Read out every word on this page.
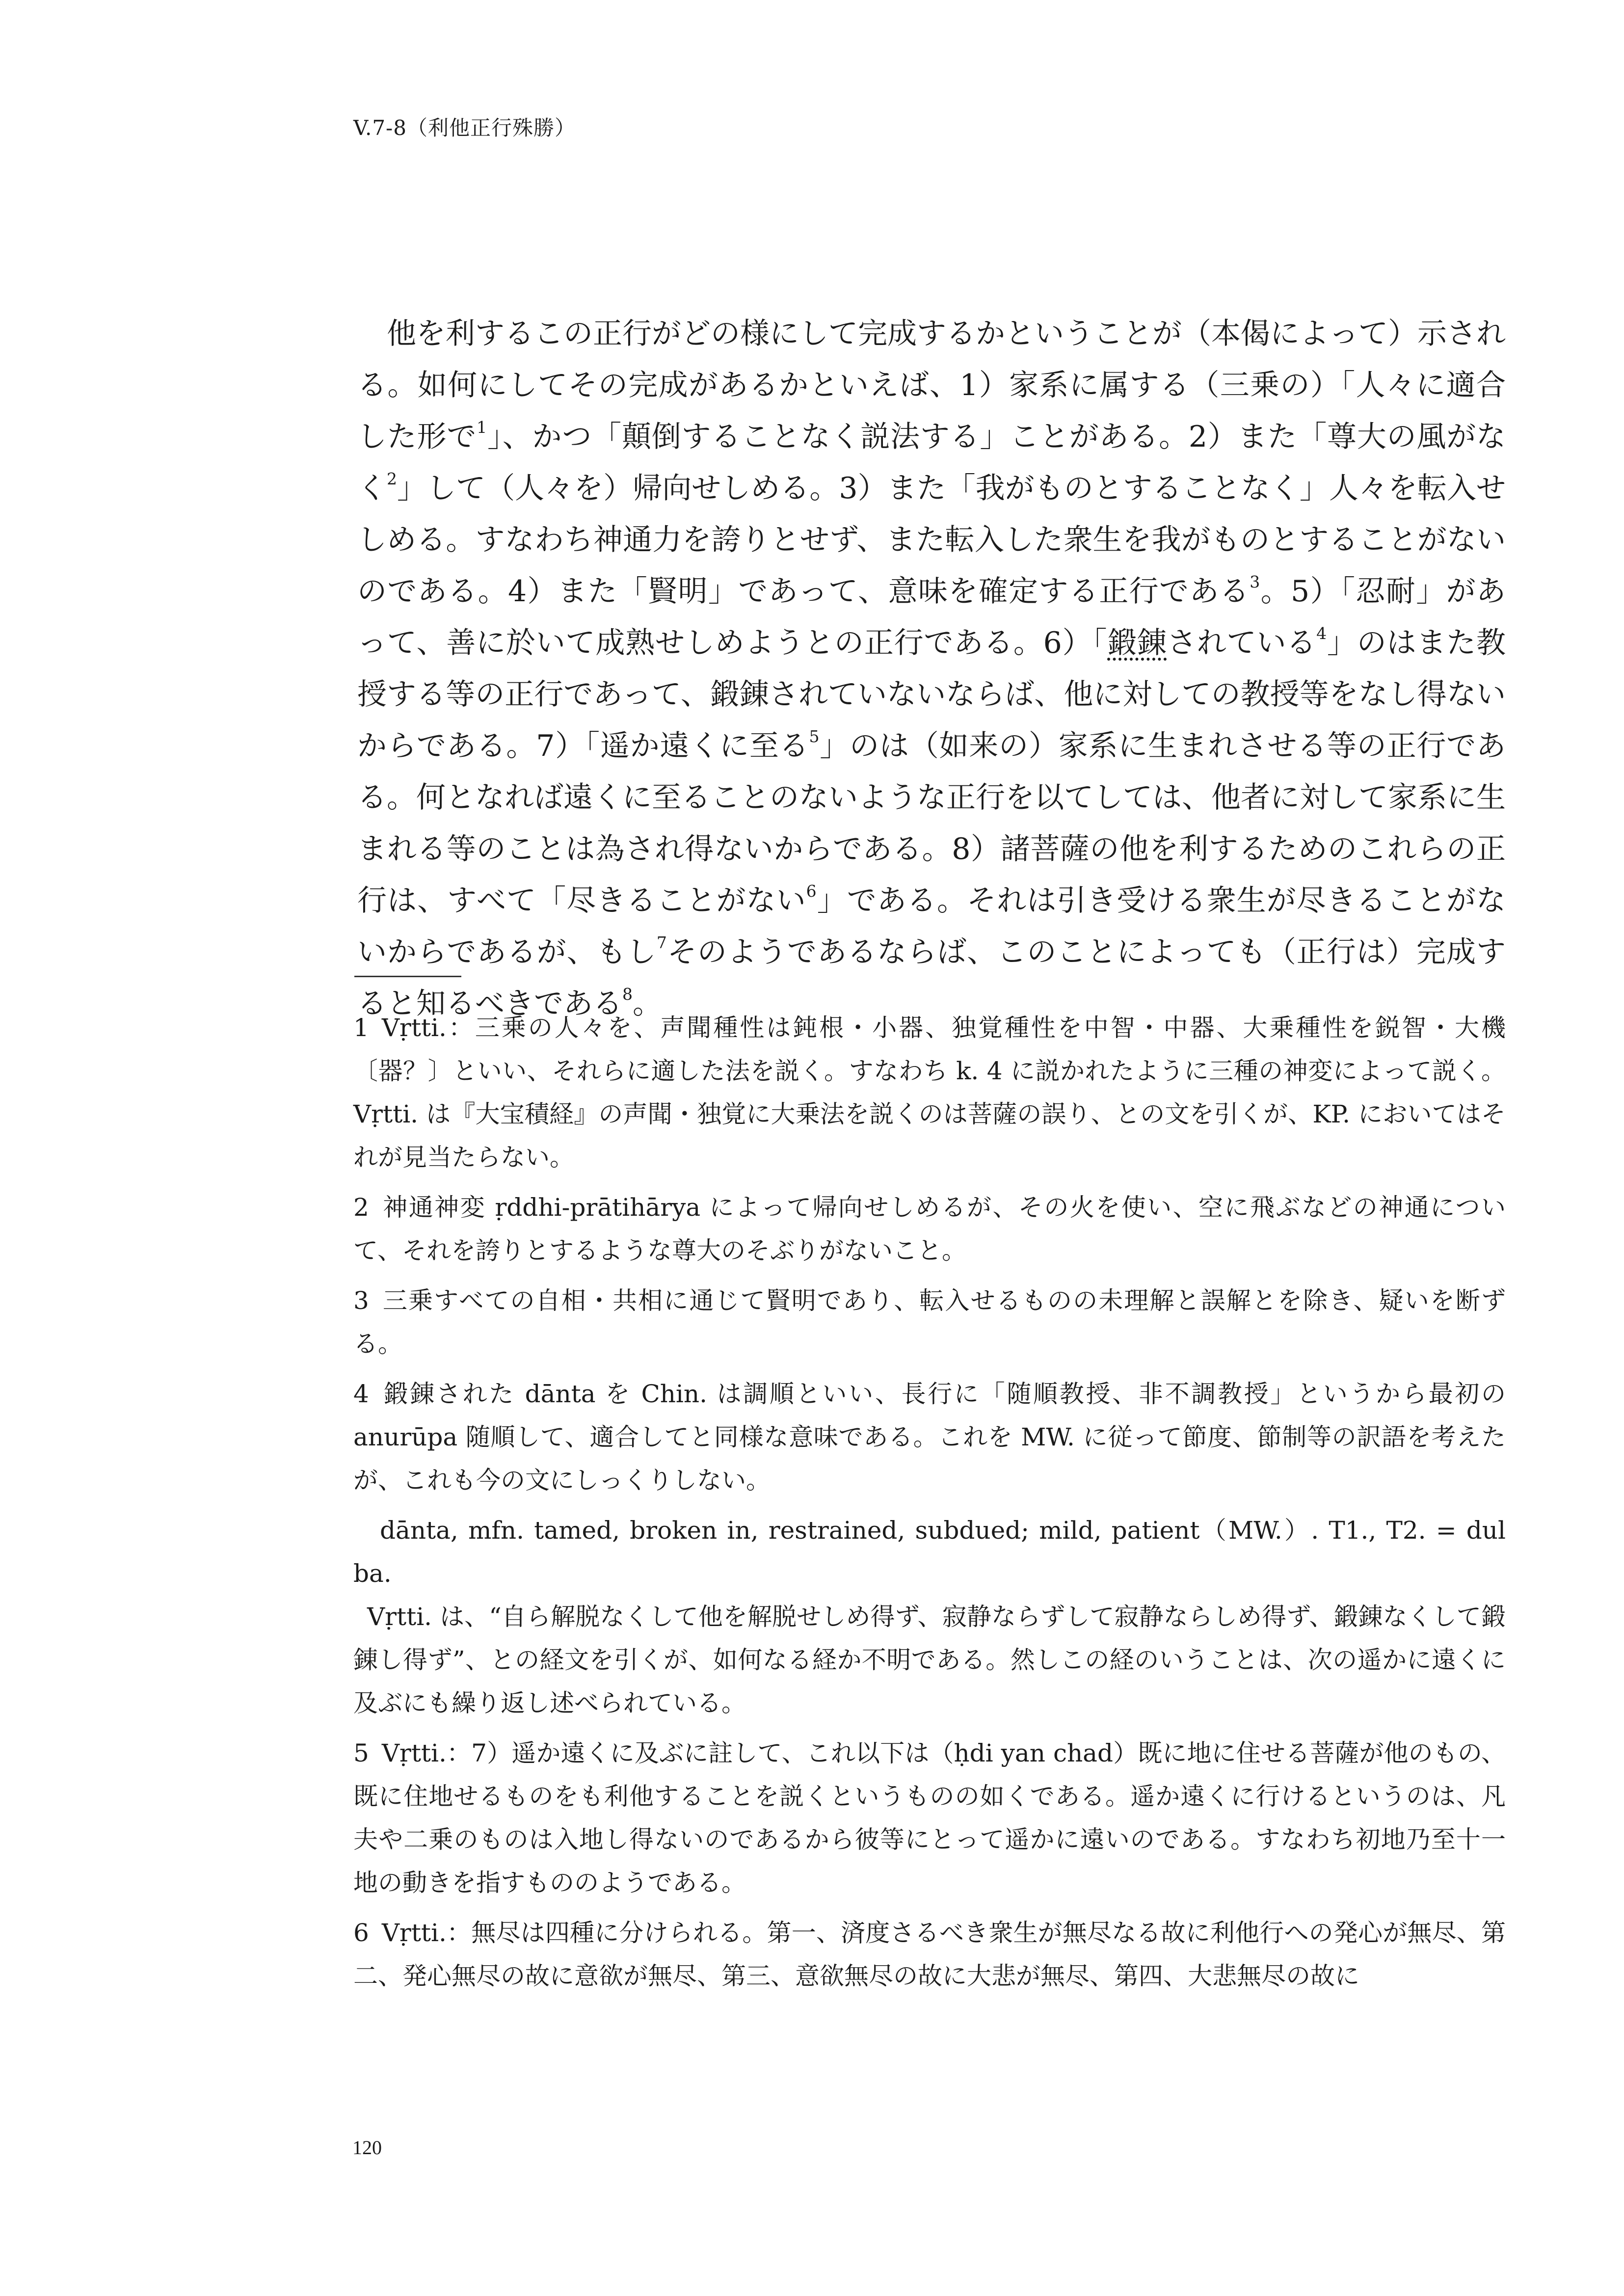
V.7-8（利他正行殊勝）

他を利するこの正行がどの様にして完成するかということが（本偈によって）示される。如何にしてその完成があるかといえば、1）家系に属する（三乗の）「人々に適合した形で$^1$」、かつ「顛倒することなく説法する」ことがある。2）また「尊大の風がなく$^2$」して（人々を）帰向せしめる。3）また「我がものとすることなく」人々を転入せしめる。すなわち神通力を誇りとせず、また転入した衆生を我がものとすることがないのである。4）また「賢明」であって、意味を確定する正行である$^3$。5）「忍耐」があって、善に於いて成熟せしめようとの正行である。6）「鍛錬されている$^4$」のはまた教授する等の正行であって、鍛錬されていないならば、他に対しての教授等をなし得ないからである。7）「遥か遠くに至る$^5$」のは（如来の）家系に生まれさせる等の正行である。何となれば遠くに至ることのないような正行を以てしては、他者に対して家系に生まれる等のことは為され得ないからである。8）諸菩薩の他を利するためのこれらの正行は、すべて「尽きることがない$^6$」である。それは引き受ける衆生が尽きることがないからであるが、もし$^7$そのようであるならば、このことによっても（正行は）完成すると知るべきである$^8$。

1 Vṛtti.：三乗の人々を、声聞種性は鈍根・小器、独覚種性を中智・中器、大乗種性を鋭智・大機〔器？〕といい、それらに適した法を説く。すなわち k. 4 に説かれたように三種の神変によって説く。Vṛtti. は『大宝積経』の声聞・独覚に大乗法を説くのは菩薩の誤り、との文を引くが、KP. においてはそれが見当たらない。

2 神通神変 ṛddhi-prātihārya によって帰向せしめるが、その火を使い、空に飛ぶなどの神通について、それを誇りとするような尊大のそぶりがないこと。

3 三乗すべての自相・共相に通じて賢明であり、転入せるものの未理解と誤解とを除き、疑いを断ずる。

4 鍛錬された dānta を Chin. は調順といい、長行に「随順教授、非不調教授」というから最初の anurūpa 随順して、適合してと同様な意味である。これを MW. に従って節度、節制等の訳語を考えたが、これも今の文にしっくりしない。

dānta, mfn. tamed, broken in, restrained, subdued; mild, patient（MW.）. T1., T2. = dul ba.

Vṛtti. は、“自ら解脱なくして他を解脱せしめ得ず、寂静ならずして寂静ならしめ得ず、鍛錬なくして鍛錬し得ず”、との経文を引くが、如何なる経か不明である。然しこの経のいうことは、次の遥かに遠くに及ぶにも繰り返し述べられている。

5 Vṛtti.：7）遥か遠くに及ぶに註して、これ以下は（ḥdi yan chad）既に地に住せる菩薩が他のもの、既に住地せるものをも利他することを説くというものの如くである。遥か遠くに行けるというのは、凡夫や二乗のものは入地し得ないのであるから彼等にとって遥かに遠いのである。すなわち初地乃至十一地の動きを指すもののようである。

6 Vṛtti.：無尽は四種に分けられる。第一、済度さるべき衆生が無尽なる故に利他行への発心が無尽、第二、発心無尽の故に意欲が無尽、第三、意欲無尽の故に大悲が無尽、第四、大悲無尽の故に

120
